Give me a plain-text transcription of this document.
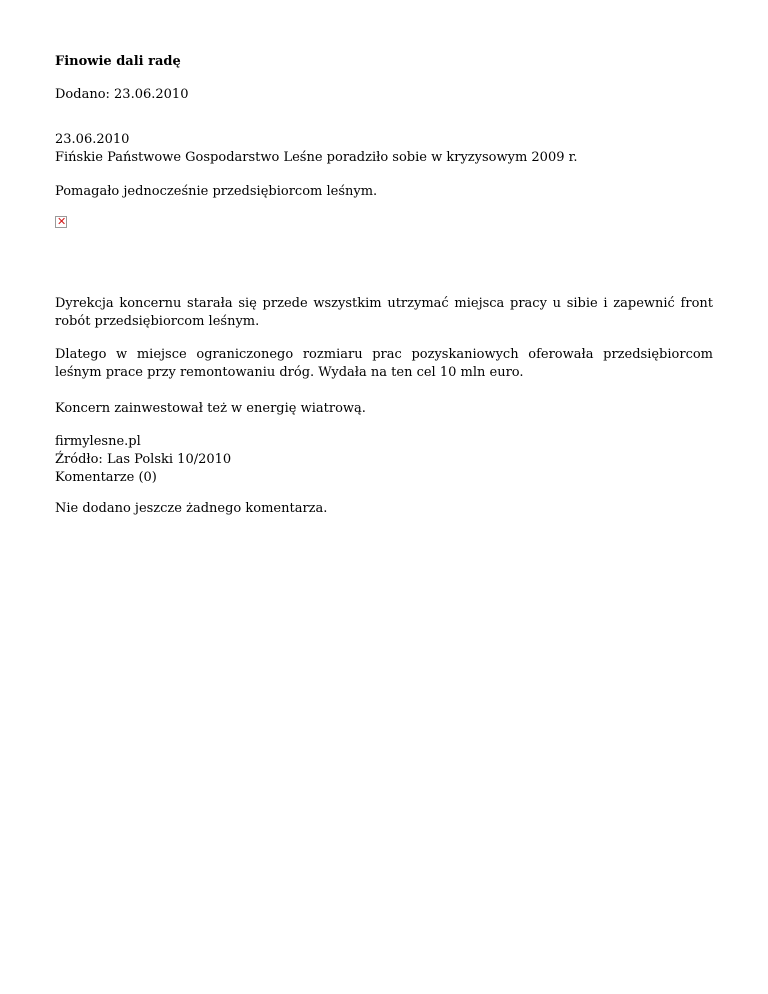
Finowie dali radę
Dodano: 23.06.2010
23.06.2010
Fińskie Państwowe Gospodarstwo Leśne poradziło sobie w kryzysowym 2009 r.
Pomagało jednocześnie przedsiębiorcom leśnym.
✕
Dyrekcja koncernu starała się przede wszystkim utrzymać miejsca pracy u sibie i zapewnić front robót przedsiębiorcom leśnym.
Dlatego w miejsce ograniczonego rozmiaru prac pozyskaniowych oferowała przedsiębiorcom leśnym prace przy remontowaniu dróg. Wydała na ten cel 10 mln euro.
Koncern zainwestował też w energię wiatrową.
firmylesne.pl
Źródło: Las Polski 10/2010
Komentarze (0)
Nie dodano jeszcze żadnego komentarza.
